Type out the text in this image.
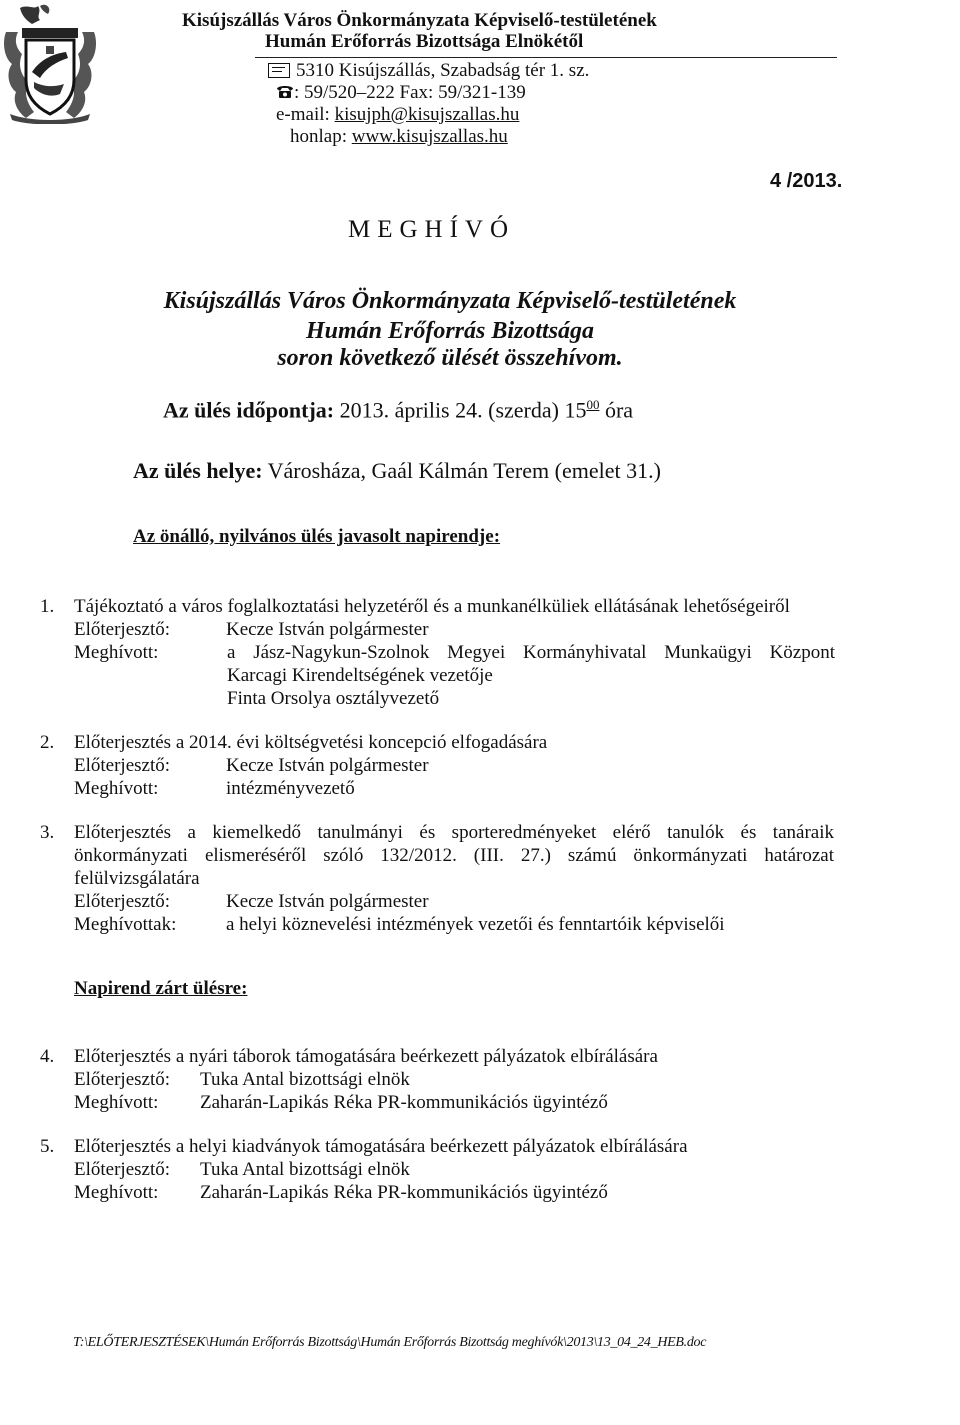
Kisújszállás Város Önkormányzata Képviselő-testületének
Humán Erőforrás Bizottsága Elnökétől
5310 Kisújszállás, Szabadság tér 1. sz.
: 59/520–222 Fax: 59/321-139
e-mail: kisujph@kisujszallas.hu
honlap: www.kisujszallas.hu
4 /2013.
MEGHÍVÓ
Kisújszállás Város Önkormányzata Képviselő-testületének
Humán Erőforrás Bizottsága
soron következő ülését összehívom.
Az ülés időpontja: 2013. április 24. (szerda) $15^{00}$ óra
Az ülés helye: Városháza, Gaál Kálmán Terem (emelet 31.)
Az önálló, nyilvános ülés javasolt napirendje:
1. Tájékoztató a város foglalkoztatási helyzetéről és a munkanélküliek ellátásának lehetőségeiről
Előterjesztő:	Kecze István polgármester
Meghívott:	a Jász-Nagykun-Szolnok Megyei Kormányhivatal Munkaügyi Központ
Karcagi Kirendeltségének vezetője
Finta Orsolya osztályvezető
2. Előterjesztés a 2014. évi költségvetési koncepció elfogadására
Előterjesztő:	Kecze István polgármester
Meghívott:	intézményvezető
3. Előterjesztés a kiemelkedő tanulmányi és sporteredményeket elérő tanulók és tanáraik
önkormányzati elismeréséről szóló 132/2012. (III. 27.) számú önkormányzati határozat
felülvizsgálatára
Előterjesztő:	Kecze István polgármester
Meghívottak:	a helyi köznevelési intézmények vezetői és fenntartóik képviselői
Napirend zárt ülésre:
4. Előterjesztés a nyári táborok támogatására beérkezett pályázatok elbírálására
Előterjesztő: Tuka Antal bizottsági elnök
Meghívott: Zaharán-Lapikás Réka PR-kommunikációs ügyintéző
5. Előterjesztés a helyi kiadványok támogatására beérkezett pályázatok elbírálására
Előterjesztő: Tuka Antal bizottsági elnök
Meghívott: Zaharán-Lapikás Réka PR-kommunikációs ügyintéző
T:\ELŐTERJESZTÉSEK\Humán Erőforrás Bizottság\Humán Erőforrás Bizottság meghívók\2013\13_04_24_HEB.doc
